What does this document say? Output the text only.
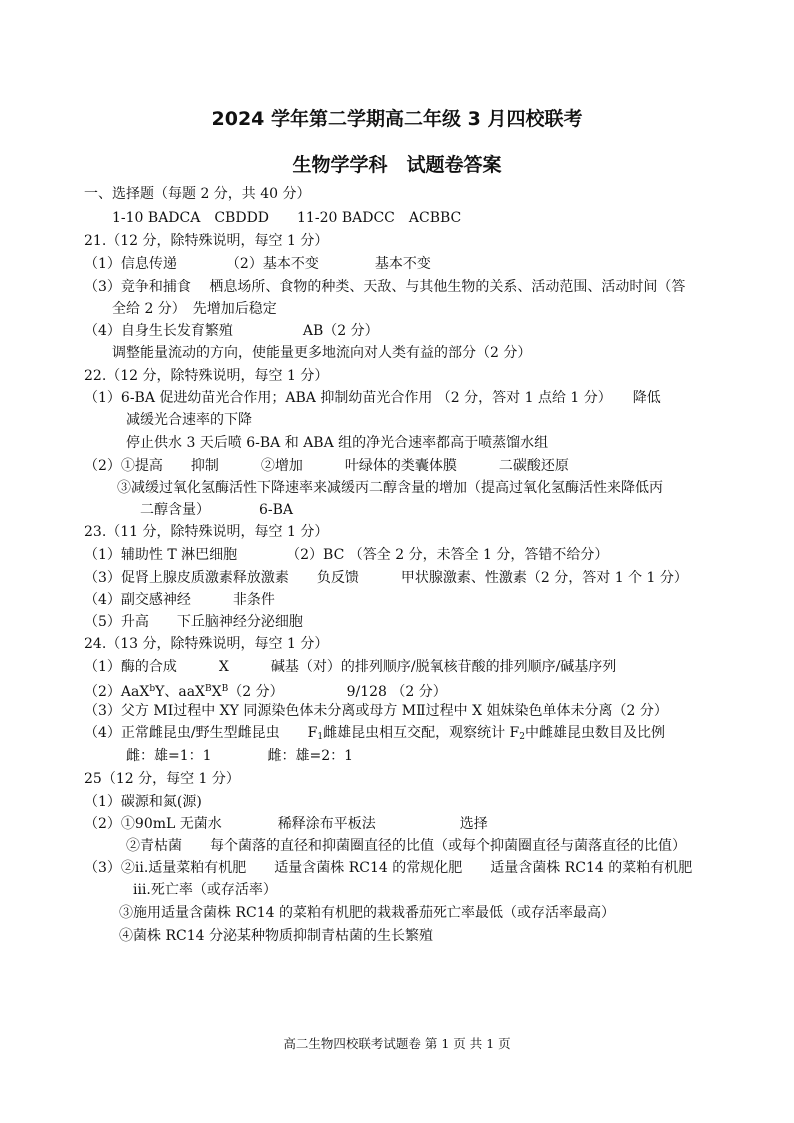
2024 学年第二学期高二年级 3 月四校联考
生物学学科　试题卷答案
一、选择题（每题 2 分，共 40 分）
1-10 BADCA　CBDDD　　11-20 BADCC　ACBBC
21.（12 分，除特殊说明，每空 1 分）
（1）信息传递　　　　（2）基本不变　　　　基本不变
（3）竞争和捕食　 栖息场所、食物的种类、天敌、与其他生物的关系、活动范围、活动时间（答
全给 2 分）　先增加后稳定
（4）自身生长发育繁殖　　　　　AB（2 分）
调整能量流动的方向，使能量更多地流向对人类有益的部分（2 分）
22.（12 分，除特殊说明，每空 1 分）
（1）6-BA 促进幼苗光合作用；ABA 抑制幼苗光合作用 （2 分，答对 1 点给 1 分）　　降低
减缓光合速率的下降
停止供水 3 天后喷 6-BA 和 ABA 组的净光合速率都高于喷蒸馏水组
（2）①提高　　抑制　　　②增加　　　叶绿体的类囊体膜　　　二碳酸还原
③减缓过氧化氢酶活性下降速率来减缓丙二醇含量的增加（提高过氧化氢酶活性来降低丙
二醇含量）　　　　6-BA
23.（11 分，除特殊说明，每空 1 分）
（1）辅助性 T 淋巴细胞　　　　（2）BC （答全 2 分，未答全 1 分，答错不给分）
（3）促肾上腺皮质激素释放激素　　负反馈　　　甲状腺激素、性激素（2 分，答对 1 个 1 分）
（4）副交感神经　　　非条件
（5）升高　　下丘脑神经分泌细胞
24.（13 分，除特殊说明，每空 1 分）
（1）酶的合成　　　X　　　碱基（对）的排列顺序/脱氧核苷酸的排列顺序/碱基序列
（2）AaX$^b$Y、$aaX^BX^B(2$ 分）　　　　　9/128 （2 分）
（3）父方 MⅠ过程中 XY 同源染色体未分离或母方 MⅡ过程中 X 姐妹染色单体未分离（2 分）
（4）正常雌昆虫/野生型雌昆虫　　$F_1$雌雄昆虫相互交配，观察统计 $F_2$中雌雄昆虫数目及比例
雌：雄=1：1　　　　雌：雄=2：1
25（12 分，每空 1 分）
（1）碳源和氮(源)
（2）①90mL 无菌水　　　　稀释涂布平板法　　　　　　选择
②青枯菌　　每个菌落的直径和抑菌圈直径的比值（或每个抑菌圈直径与菌落直径的比值）
（3）②ⅱ.适量菜粕有机肥　　适量含菌株 RC14 的常规化肥　　适量含菌株 RC14 的菜粕有机肥
ⅲ.死亡率（或存活率）
③施用适量含菌株 RC14 的菜粕有机肥的栽栽番茄死亡率最低（或存活率最高）
④菌株 RC14 分泌某种物质抑制青枯菌的生长繁殖
高二生物四校联考试题卷 第 1 页 共 1 页
